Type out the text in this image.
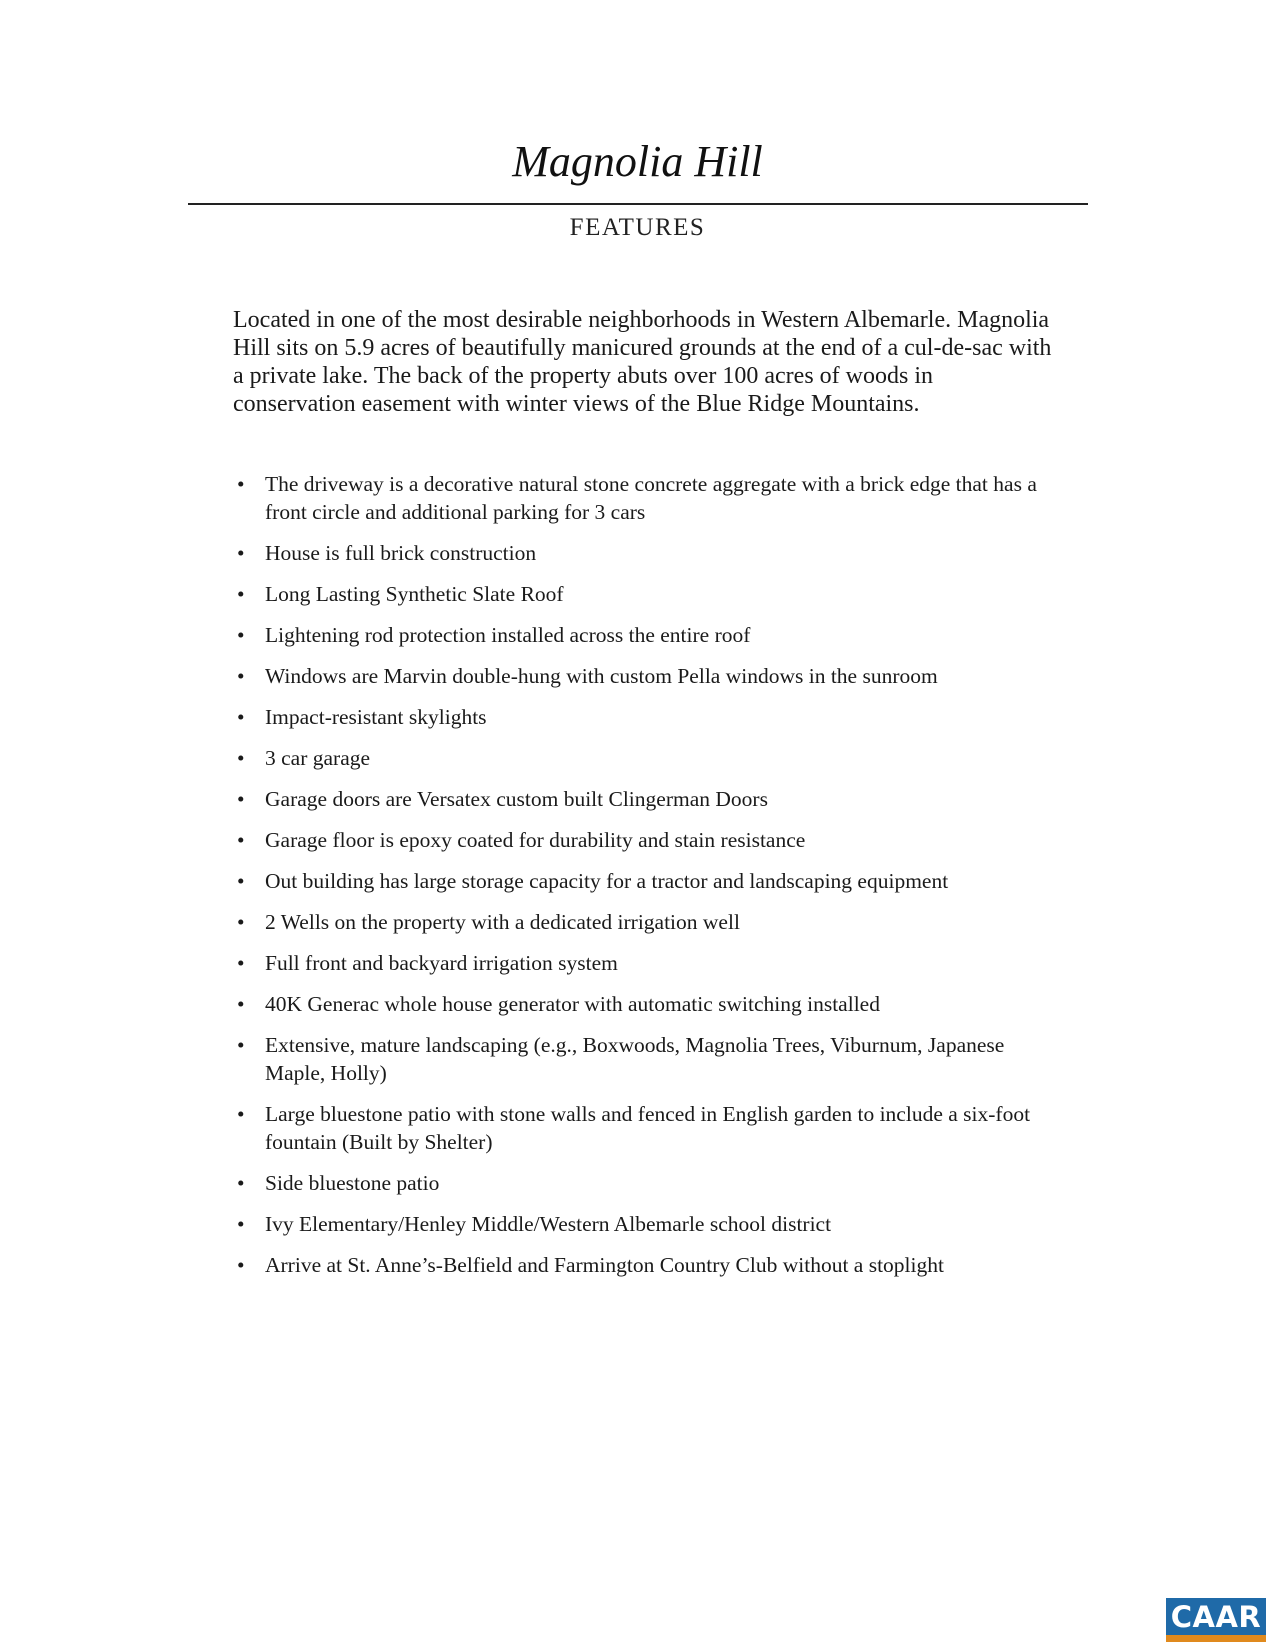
Magnolia Hill
FEATURES

Located in one of the most desirable neighborhoods in Western Albemarle. Magnolia Hill sits on 5.9 acres of beautifully manicured grounds at the end of a cul-de-sac with a private lake. The back of the property abuts over 100 acres of woods in conservation easement with winter views of the Blue Ridge Mountains.

• The driveway is a decorative natural stone concrete aggregate with a brick edge that has a front circle and additional parking for 3 cars
• House is full brick construction
• Long Lasting Synthetic Slate Roof
• Lightening rod protection installed across the entire roof
• Windows are Marvin double-hung with custom Pella windows in the sunroom
• Impact-resistant skylights
• 3 car garage
• Garage doors are Versatex custom built Clingerman Doors
• Garage floor is epoxy coated for durability and stain resistance
• Out building has large storage capacity for a tractor and landscaping equipment
• 2 Wells on the property with a dedicated irrigation well
• Full front and backyard irrigation system
• 40K Generac whole house generator with automatic switching installed
• Extensive, mature landscaping (e.g., Boxwoods, Magnolia Trees, Viburnum, Japanese Maple, Holly)
• Large bluestone patio with stone walls and fenced in English garden to include a six-foot fountain (Built by Shelter)
• Side bluestone patio
• Ivy Elementary/Henley Middle/Western Albemarle school district
• Arrive at St. Anne’s-Belfield and Farmington Country Club without a stoplight
CAAR
